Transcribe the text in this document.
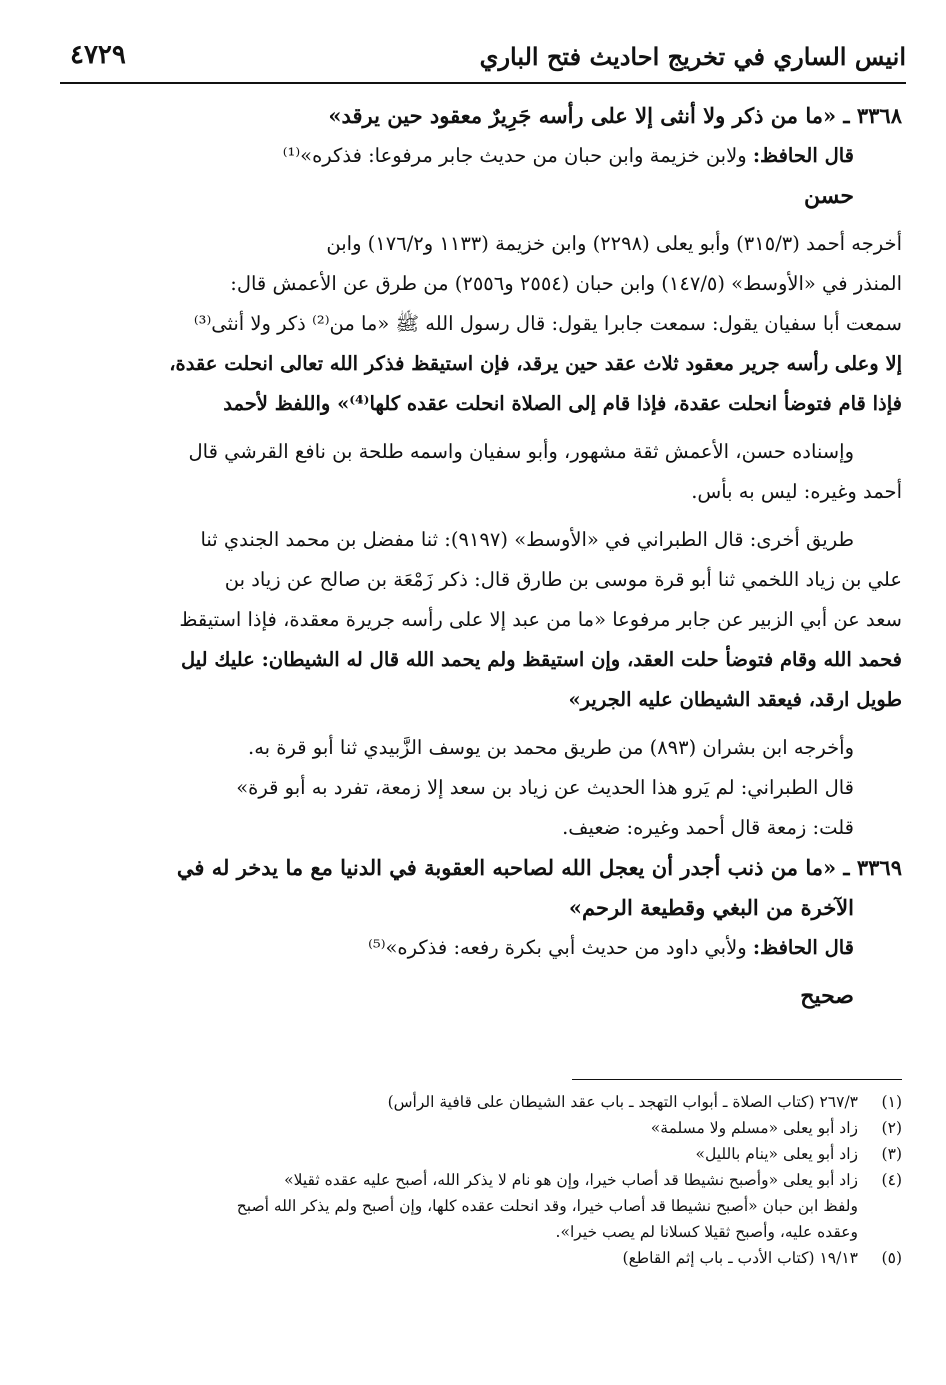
انيس الساري في تخريج احاديث فتح الباري
٤٧٢٩

٣٣٦٨ ـ «ما من ذكر ولا أنثى إلا على رأسه جَرِيرٌ معقود حين يرقد»

قال الحافظ: ولابن خزيمة وابن حبان من حديث جابر مرفوعا: فذكره»⁽¹⁾

حسن

أخرجه أحمد (٣١٥/٣) وأبو يعلى (٢٢٩٨) وابن خزيمة (١١٣٣ و١٧٦/٢) وابن

المنذر في «الأوسط» (١٤٧/٥) وابن حبان (٢٥٥٤ و٢٥٥٦) من طرق عن الأعمش قال:

سمعت أبا سفيان يقول: سمعت جابرا يقول: قال رسول الله ﷺ «ما من⁽²⁾ ذكر ولا أنثى⁽³⁾

إلا وعلى رأسه جرير معقود ثلاث عقد حين يرقد، فإن استيقظ فذكر الله تعالى انحلت عقدة،

فإذا قام فتوضأ انحلت عقدة، فإذا قام إلى الصلاة انحلت عقده كلها⁽⁴⁾» واللفظ لأحمد

وإسناده حسن، الأعمش ثقة مشهور، وأبو سفيان واسمه طلحة بن نافع القرشي قال

أحمد وغيره: ليس به بأس.

طريق أخرى: قال الطبراني في «الأوسط» (٩١٩٧): ثنا مفضل بن محمد الجندي ثنا

علي بن زياد اللخمي ثنا أبو قرة موسى بن طارق قال: ذكر زَمْعَة بن صالح عن زياد بن

سعد عن أبي الزبير عن جابر مرفوعا «ما من عبد إلا على رأسه جريرة معقدة، فإذا استيقظ

فحمد الله وقام فتوضأ حلت العقد، وإن استيقظ ولم يحمد الله قال له الشيطان: عليك ليل

طويل ارقد، فيعقد الشيطان عليه الجرير»

وأخرجه ابن بشران (٨٩٣) من طريق محمد بن يوسف الزَّبيدي ثنا أبو قرة به.

قال الطبراني: لم يَرو هذا الحديث عن زياد بن سعد إلا زمعة، تفرد به أبو قرة»

قلت: زمعة قال أحمد وغيره: ضعيف.

٣٣٦٩ ـ «ما من ذنب أجدر أن يعجل الله لصاحبه العقوبة في الدنيا مع ما يدخر له في

الآخرة من البغي وقطيعة الرحم»

قال الحافظ: ولأبي داود من حديث أبي بكرة رفعه: فذكره»⁽⁵⁾

صحيح

(١)٢٦٧/٣ (كتاب الصلاة ـ أبواب التهجد ـ باب عقد الشيطان على قافية الرأس)

(٢)زاد أبو يعلى «مسلم ولا مسلمة»

(٣)زاد أبو يعلى «ينام بالليل»

(٤)زاد أبو يعلى «وأصبح نشيطا قد أصاب خيرا، وإن هو نام لا يذكر الله، أصبح عليه عقده ثقيلا»

ولفظ ابن حبان «أصبح نشيطا قد أصاب خيرا، وقد انحلت عقده كلها، وإن أصبح ولم يذكر الله أصبح

وعقده عليه، وأصبح ثقيلا كسلانا لم يصب خيرا».

(٥)١٩/١٣ (كتاب الأدب ـ باب إثم القاطع)
